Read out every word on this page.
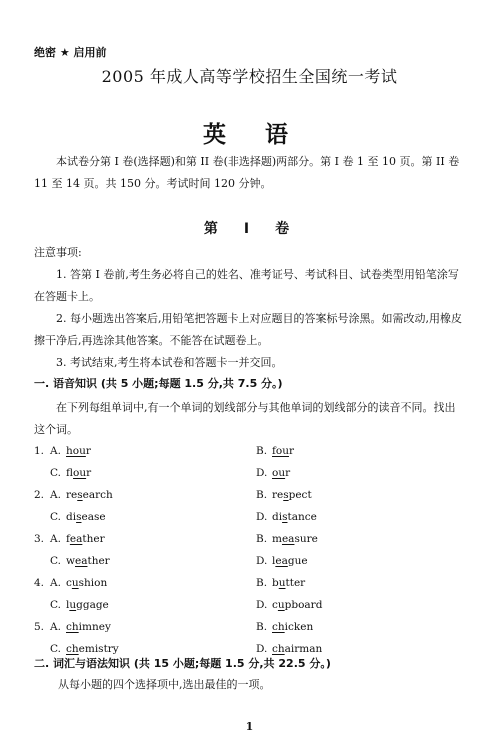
绝密 ★ 启用前
2005 年成人高等学校招生全国统一考试
英　语
本试卷分第 I 卷(选择题)和第 II 卷(非选择题)两部分。第 I 卷 1 至 10 页。第 II 卷 11 至 14 页。共 150 分。考试时间 120 分钟。
第　I　卷
注意事项:
1. 答第 I 卷前,考生务必将自己的姓名、准考证号、考试科目、试卷类型用铅笔涂写在答题卡上。
2. 每小题选出答案后,用铅笔把答题卡上对应题目的答案标号涂黑。如需改动,用橡皮擦干净后,再选涂其他答案。不能答在试题卷上。
3. 考试结束,考生将本试卷和答题卡一并交回。
一. 语音知识 (共 5 小题;每题 1.5 分,共 7.5 分。)
在下列每组单词中,有一个单词的划线部分与其他单词的划线部分的读音不同。找出这个词。
1. A. hour	B. four
C. flour	D. our
2. A. research	B. respect
C. disease	D. distance
3. A. feather	B. measure
C. weather	D. league
4. A. cushion	B. butter
C. luggage	D. cupboard
5. A. chimney	B. chicken
C. chemistry	D. chairman
二. 词汇与语法知识 (共 15 小题;每题 1.5 分,共 22.5 分。)
从每小题的四个选择项中,选出最佳的一项。
1
